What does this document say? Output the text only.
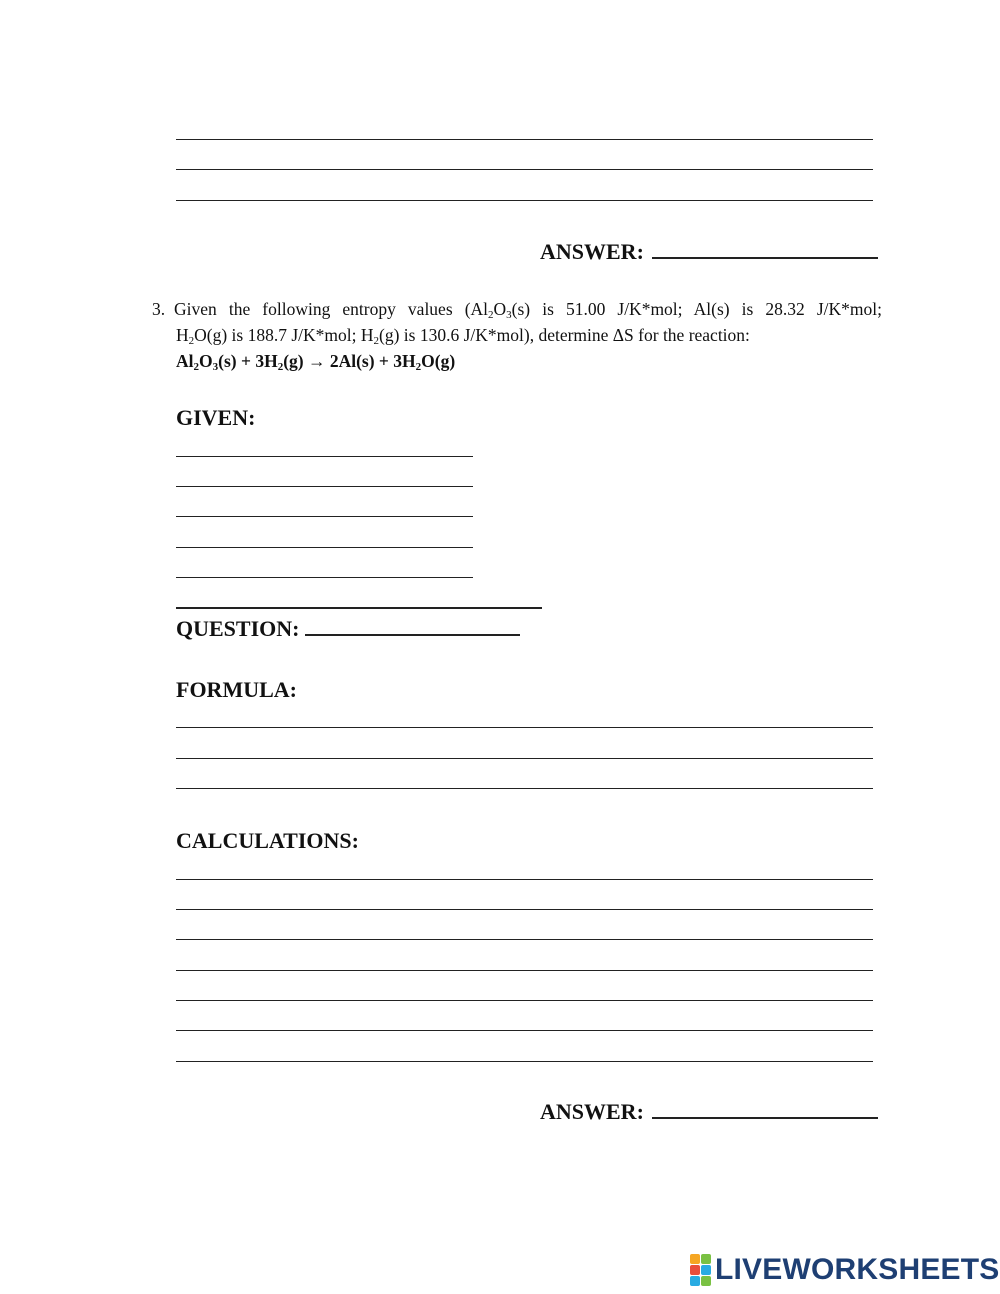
ANSWER:
3. Given the following entropy values ($Al_2O_3(s)$ is 51.00 J/K*mol; Al(s) is 28.32 J/K*mol;
$H_2O(g)$ is 188.7 J/K*mol; $H_2(g)$ is 130.6 J/K*mol), determine ΔS for the reaction:
$Al_2O_3(s) + 3H_2(g) \to 2Al(s) + 3H_2O(g)$
GIVEN:
QUESTION:
FORMULA:
CALCULATIONS:
ANSWER:
LIVEWORKSHEETS
